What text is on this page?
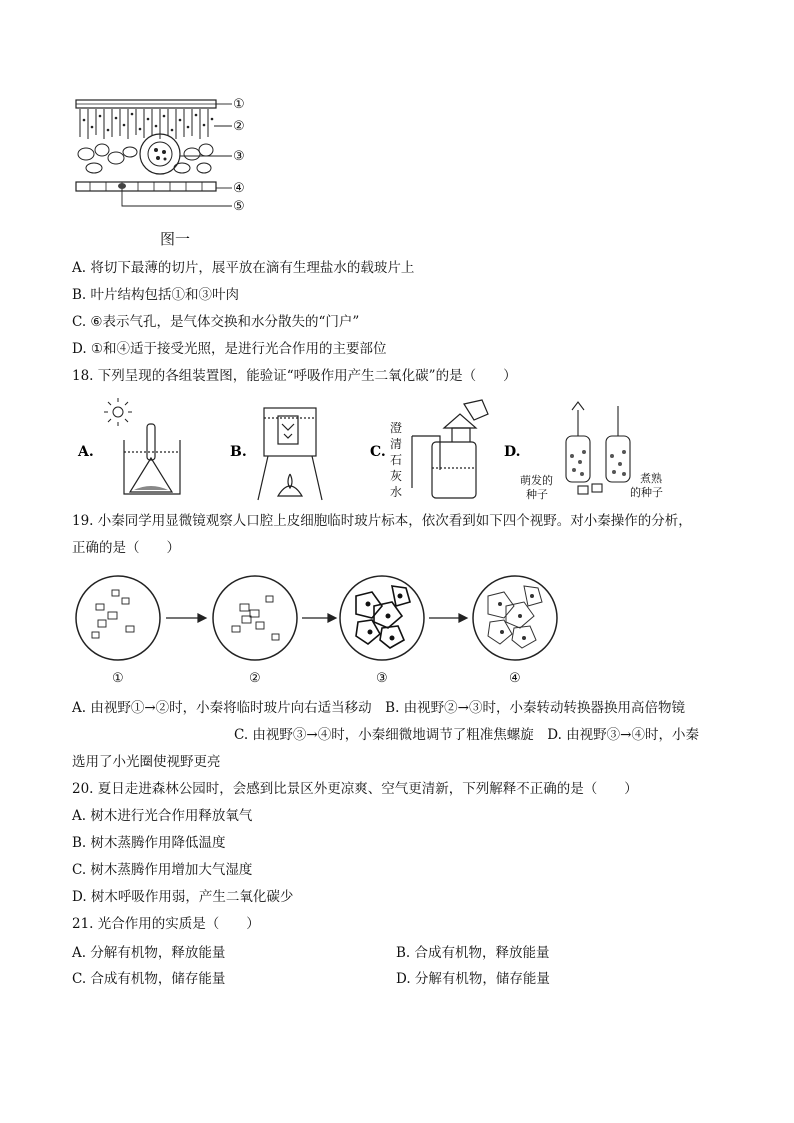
①
②
③
④
⑤
图一
A. 将切下最薄的切片，展平放在滴有生理盐水的载玻片上
B. 叶片结构包括①和③叶肉
C. ⑥表示气孔，是气体交换和水分散失的“门户”
D. ①和④适于接受光照，是进行光合作用的主要部位
18. 下列呈现的各组装置图，能验证“呼吸作用产生二氧化碳”的是（　　）
A.	B.	C.
澄
清
石
灰
水
D.
萌发的
种子
煮熟
的种子
19. 小秦同学用显微镜观察人口腔上皮细胞临时玻片标本，依次看到如下四个视野。对小秦操作的分析，
正确的是（　　）
①	②	③	④
A. 由视野①→②时，小秦将临时玻片向右适当移动　B. 由视野②→③时，小秦转动转换器换用高倍物镜
C. 由视野③→④时，小秦细微地调节了粗准焦螺旋　D. 由视野③→④时，小秦
选用了小光圈使视野更亮
20. 夏日走进森林公园时，会感到比景区外更凉爽、空气更清新，下列解释不正确的是（　　）
A. 树木进行光合作用释放氧气
B. 树木蒸腾作用降低温度
C. 树木蒸腾作用增加大气湿度
D. 树木呼吸作用弱，产生二氧化碳少
21. 光合作用的实质是（　　）
A. 分解有机物，释放能量	B. 合成有机物，释放能量
C. 合成有机物，储存能量	D. 分解有机物，储存能量
